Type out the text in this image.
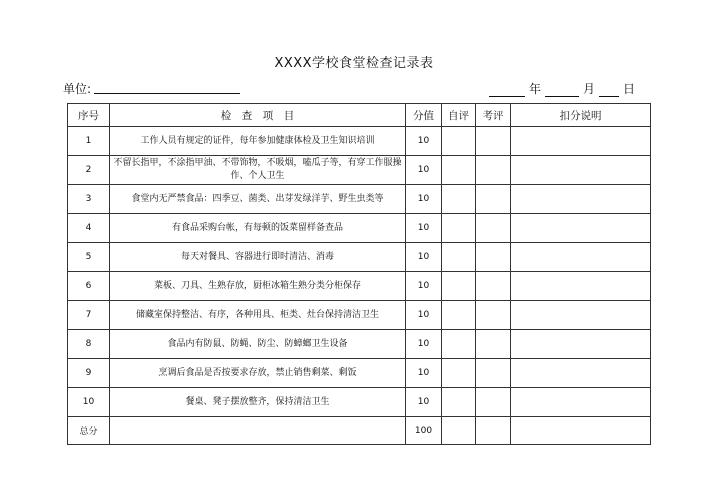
XXXX学校食堂检查记录表
单位:	年	月 日
序号	检　查　项　目	分值	自评	考评	扣分说明
1	工作人员有规定的证件，每年参加健康体检及卫生知识培训	10			
2	不留长指甲，不涂指甲油、不带饰物，不吸烟，嗑瓜子等，有穿工作服操作、个人卫生	10			
3	食堂内无严禁食品：四季豆、菌类、出芽发绿洋芋、野生虫类等	10			
4	有食品采购台帐，有每顿的饭菜留样备查品	10			
5	每天对餐具、容器进行即时清洁、消毒	10			
6	菜板、刀具、生熟存放，厨柜冰箱生熟分类分柜保存	10			
7	储藏室保持整洁、有序，各种用具、柜类、灶台保持清洁卫生	10			
8	食品内有防鼠、防蝇、防尘、防蟑螂卫生设备	10			
9	烹调后食品是否按要求存放，禁止销售剩菜、剩饭	10			
10	餐桌、凳子摆放整齐，保持清洁卫生	10			
总分		100			
